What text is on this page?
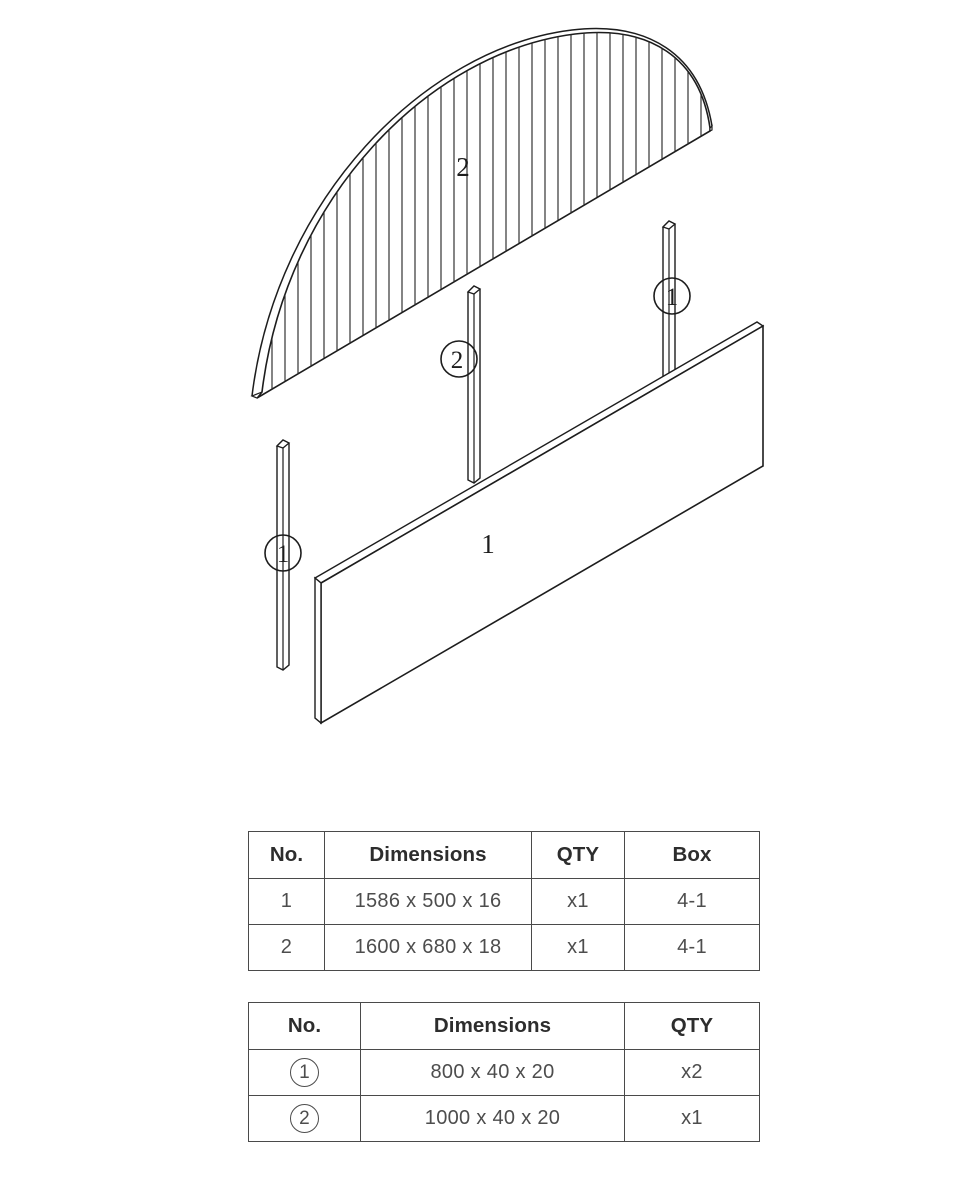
1
2
1
1
2
No.	Dimensions	QTY	Box
1	1586 x 500 x 16	x1	4-1
2	1600 x 680 x 18	x1	4-1
No.	Dimensions	QTY
1	800 x 40 x 20	x2
2	1000 x 40 x 20	x1
